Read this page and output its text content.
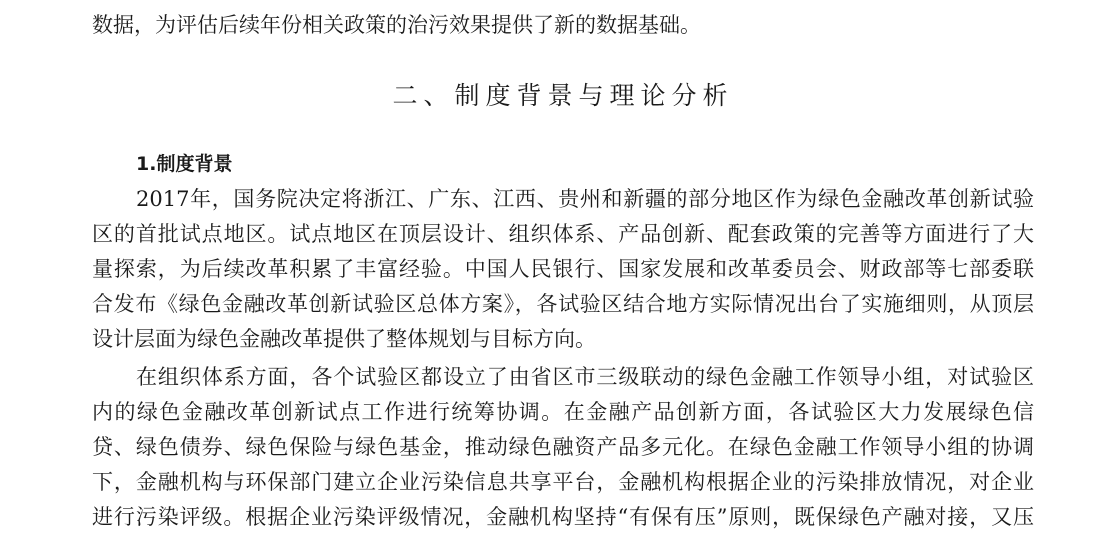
数据，为评估后续年份相关政策的治污效果提供了新的数据基础。
二、制度背景与理论分析
1.制度背景
2017年，国务院决定将浙江、广东、江西、贵州和新疆的部分地区作为绿色金融改革创新试验
区的首批试点地区。试点地区在顶层设计、组织体系、产品创新、配套政策的完善等方面进行了大
量探索，为后续改革积累了丰富经验。中国人民银行、国家发展和改革委员会、财政部等七部委联
合发布《绿色金融改革创新试验区总体方案》，各试验区结合地方实际情况出台了实施细则，从顶层
设计层面为绿色金融改革提供了整体规划与目标方向。
在组织体系方面，各个试验区都设立了由省区市三级联动的绿色金融工作领导小组，对试验区
内的绿色金融改革创新试点工作进行统筹协调。在金融产品创新方面，各试验区大力发展绿色信
贷、绿色债券、绿色保险与绿色基金，推动绿色融资产品多元化。在绿色金融工作领导小组的协调
下，金融机构与环保部门建立企业污染信息共享平台，金融机构根据企业的污染排放情况，对企业
进行污染评级。根据企业污染评级情况，金融机构坚持“有保有压”原则，既保绿色产融对接，又压
